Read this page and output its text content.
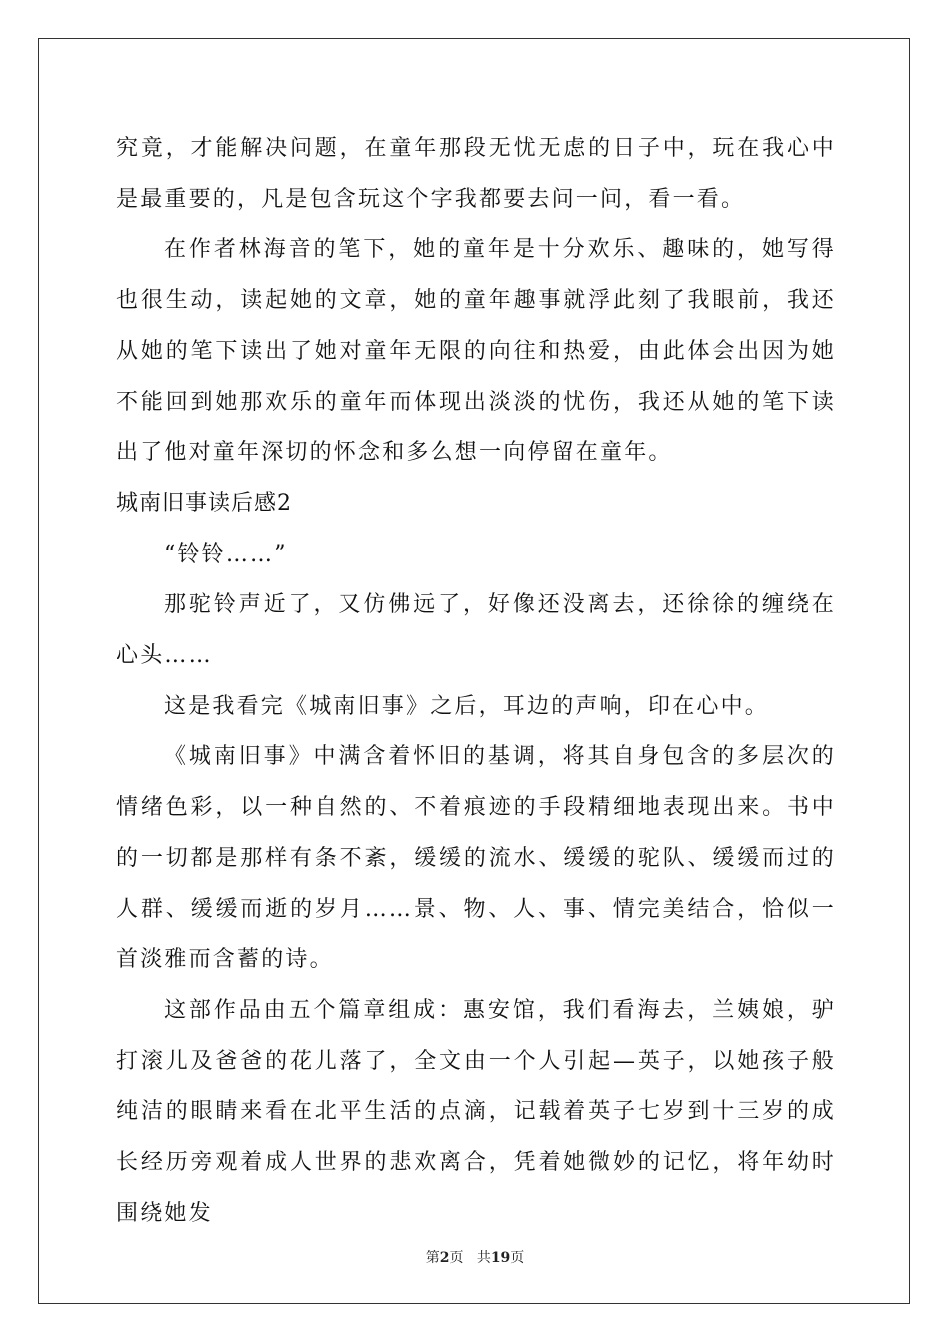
究竟，才能解决问题，在童年那段无忧无虑的日子中，玩在我心中是最重要的，凡是包含玩这个字我都要去问一问，看一看。

在作者林海音的笔下，她的童年是十分欢乐、趣味的，她写得也很生动，读起她的文章，她的童年趣事就浮此刻了我眼前，我还从她的笔下读出了她对童年无限的向往和热爱，由此体会出因为她不能回到她那欢乐的童年而体现出淡淡的忧伤，我还从她的笔下读出了他对童年深切的怀念和多么想一向停留在童年。

城南旧事读后感2

“铃铃……”

那驼铃声近了，又仿佛远了，好像还没离去，还徐徐的缠绕在心头……

这是我看完《城南旧事》之后，耳边的声响，印在心中。

《城南旧事》中满含着怀旧的基调，将其自身包含的多层次的情绪色彩，以一种自然的、不着痕迹的手段精细地表现出来。书中的一切都是那样有条不紊，缓缓的流水、缓缓的驼队、缓缓而过的人群、缓缓而逝的岁月……景、物、人、事、情完美结合，恰似一首淡雅而含蓄的诗。

这部作品由五个篇章组成：惠安馆，我们看海去，兰姨娘，驴打滚儿及爸爸的花儿落了，全文由一个人引起—英子，以她孩子般纯洁的眼睛来看在北平生活的点滴，记载着英子七岁到十三岁的成长经历旁观着成人世界的悲欢离合，凭着她微妙的记忆，将年幼时围绕她发

第2页 共19页
